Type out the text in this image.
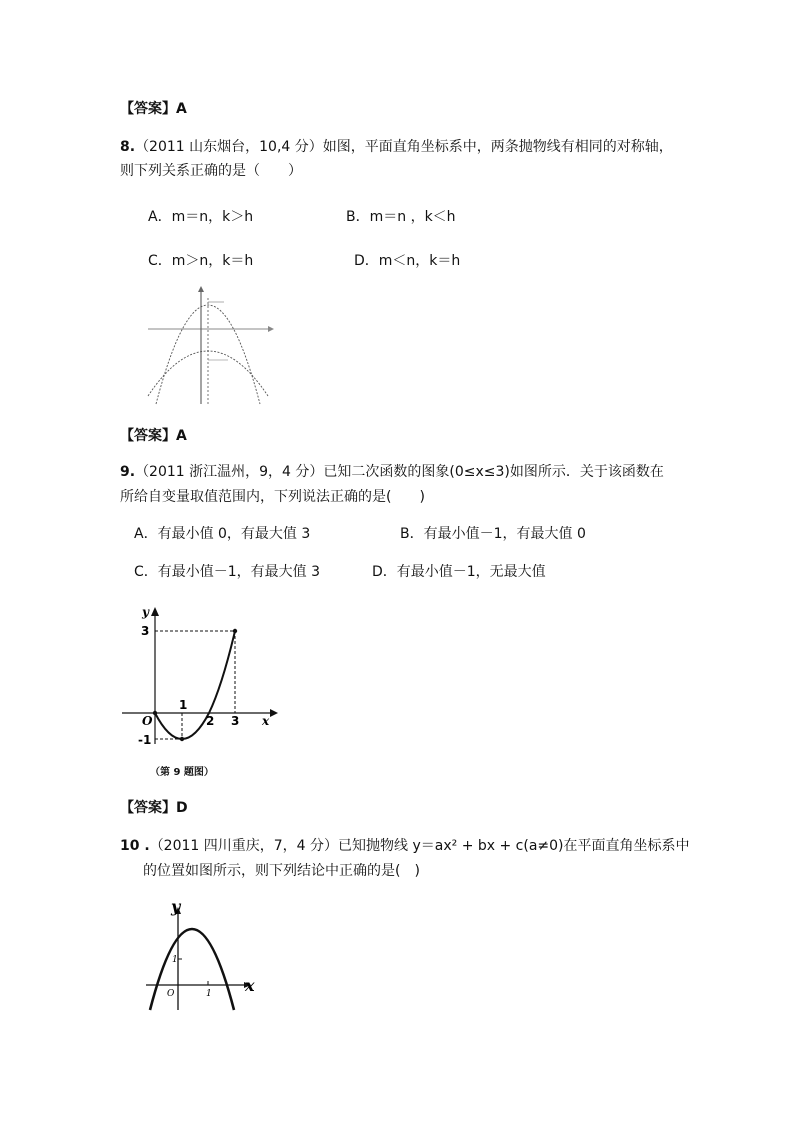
【答案】A
8.（2011 山东烟台，10,4 分）如图，平面直角坐标系中，两条抛物线有相同的对称轴，
则下列关系正确的是（　　）
A．m＝n，k＞h	B．m＝n ，k＜h
C．m＞n，k＝h	D．m＜n，k＝h
【答案】A
9.（2011 浙江温州，9，4 分）已知二次函数的图象(0≤x≤3)如图所示．关于该函数在
所给自变量取值范围内，下列说法正确的是(　　)
A．有最小值 0，有最大值 3	B．有最小值－1，有最大值 0
C．有最小值－1，有最大值 3	D．有最小值－1，无最大值
y
x
O
3
-1
1
2 3
（第 9 题图）
【答案】D
10 .（2011 四川重庆，7，4 分）已知抛物线 y＝ax² + bx + c(a≠0)在平面直角坐标系中
的位置如图所示，则下列结论中正确的是(　)
y
x
O
1
1
